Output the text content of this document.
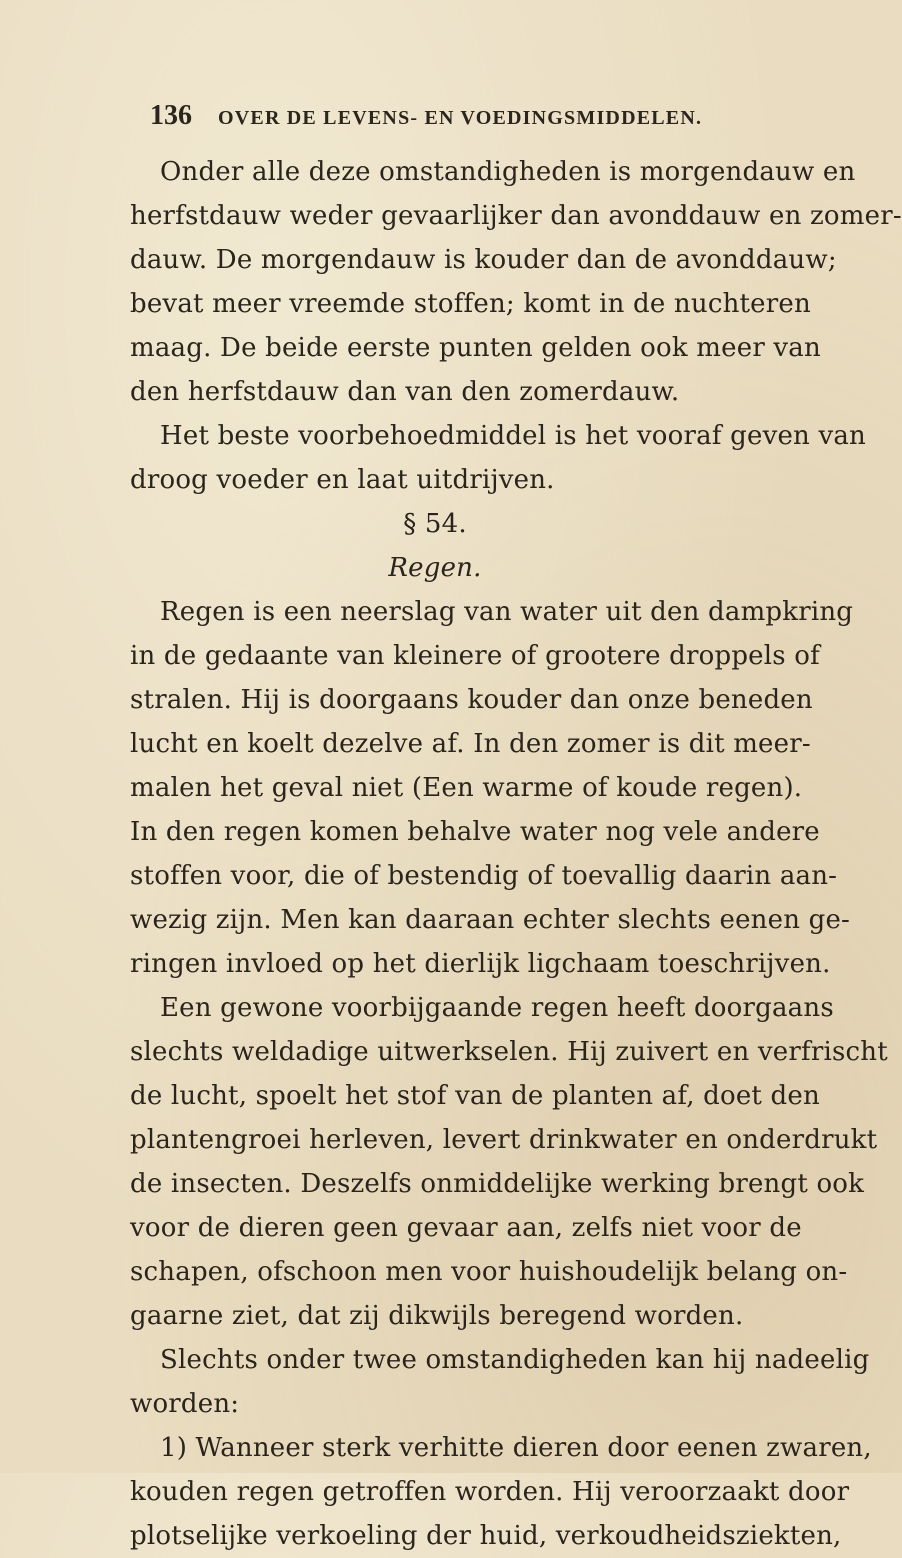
136	OVER DE LEVENS- EN VOEDINGSMIDDELEN.
Onder alle deze omstandigheden is morgendauw en
herfstdauw weder gevaarlijker dan avonddauw en zomer-
dauw. De morgendauw is kouder dan de avonddauw;
bevat meer vreemde stoffen; komt in de nuchteren
maag. De beide eerste punten gelden ook meer van
den herfstdauw dan van den zomerdauw.
Het beste voorbehoedmiddel is het vooraf geven van
droog voeder en laat uitdrijven.
§ 54.
Regen.
Regen is een neerslag van water uit den dampkring
in de gedaante van kleinere of grootere droppels of
stralen. Hij is doorgaans kouder dan onze beneden
lucht en koelt dezelve af. In den zomer is dit meer-
malen het geval niet (Een warme of koude regen).
In den regen komen behalve water nog vele andere
stoffen voor, die of bestendig of toevallig daarin aan-
wezig zijn. Men kan daaraan echter slechts eenen ge-
ringen invloed op het dierlijk ligchaam toeschrijven.
Een gewone voorbijgaande regen heeft doorgaans
slechts weldadige uitwerkselen. Hij zuivert en verfrischt
de lucht, spoelt het stof van de planten af, doet den
plantengroei herleven, levert drinkwater en onderdrukt
de insecten. Deszelfs onmiddelijke werking brengt ook
voor de dieren geen gevaar aan, zelfs niet voor de
schapen, ofschoon men voor huishoudelijk belang on-
gaarne ziet, dat zij dikwijls beregend worden.
Slechts onder twee omstandigheden kan hij nadeelig
worden:
1) Wanneer sterk verhitte dieren door eenen zwaren,
kouden regen getroffen worden. Hij veroorzaakt door
plotselijke verkoeling der huid, verkoudheidsziekten,
